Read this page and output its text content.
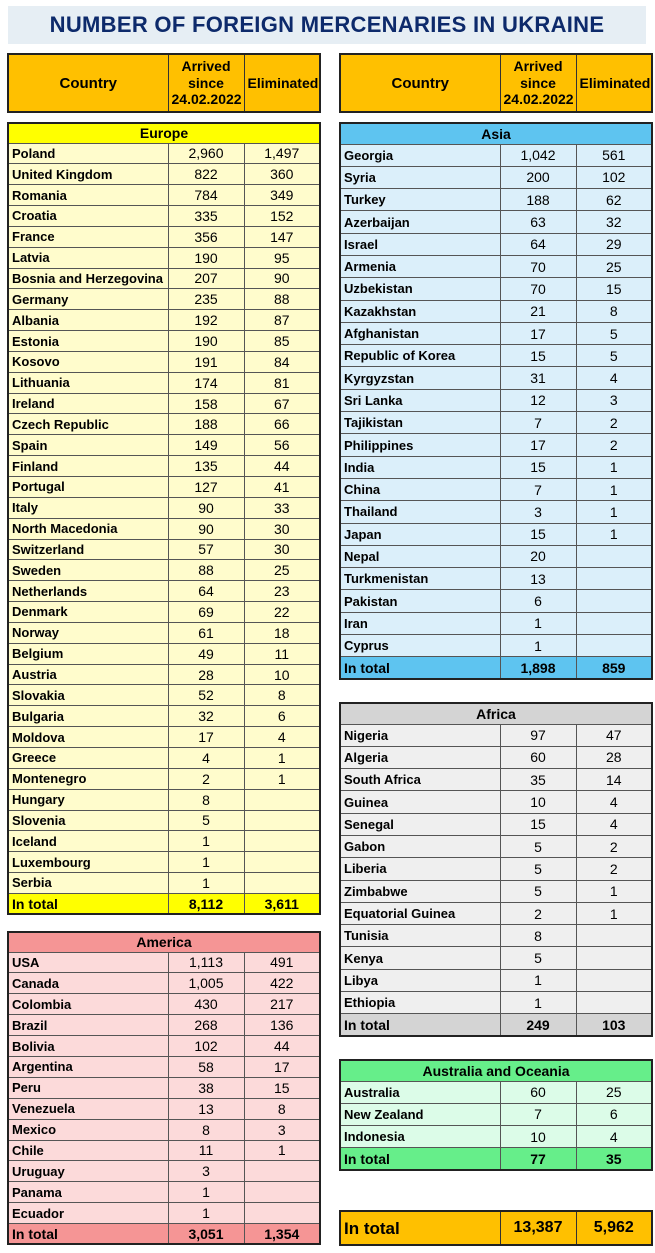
NUMBER OF FOREIGN MERCENARIES IN UKRAINE
Country	Arrived
since
24.02.2022	Eliminated	Country	Arrived
since
24.02.2022	Eliminated
Europe		
Poland	2,960	1,497
United Kingdom	822	360
Romania	784	349
Croatia	335	152
France	356	147
Latvia	190	95
Bosnia and Herzegovina	207	90
Germany	235	88
Albania	192	87
Estonia	190	85
Kosovo	191	84
Lithuania	174	81
Ireland	158	67
Czech Republic	188	66
Spain	149	56
Finland	135	44
Portugal	127	41
Italy	90	33
North Macedonia	90	30
Switzerland	57	30
Sweden	88	25
Netherlands	64	23
Denmark	69	22
Norway	61	18
Belgium	49	11
Austria	28	10
Slovakia	52	8
Bulgaria	32	6
Moldova	17	4
Greece	4	1
Montenegro	2	1
Hungary	8	
Slovenia	5	
Iceland	1	
Luxembourg	1	
Serbia	1	
In total	8,112	3,611
America		
USA	1,113	491
Canada	1,005	422
Colombia	430	217
Brazil	268	136
Bolivia	102	44
Argentina	58	17
Peru	38	15
Venezuela	13	8
Mexico	8	3
Chile	11	1
Uruguay	3	
Panama	1	
Ecuador	1	
In total	3,051	1,354
Asia		
Georgia	1,042	561
Syria	200	102
Turkey	188	62
Azerbaijan	63	32
Israel	64	29
Armenia	70	25
Uzbekistan	70	15
Kazakhstan	21	8
Afghanistan	17	5
Republic of Korea	15	5
Kyrgyzstan	31	4
Sri Lanka	12	3
Tajikistan	7	2
Philippines	17	2
India	15	1
China	7	1
Thailand	3	1
Japan	15	1
Nepal	20	
Turkmenistan	13	
Pakistan	6	
Iran	1	
Cyprus	1	
In total	1,898	859
Africa		
Nigeria	97	47
Algeria	60	28
South Africa	35	14
Guinea	10	4
Senegal	15	4
Gabon	5	2
Liberia	5	2
Zimbabwe	5	1
Equatorial Guinea	2	1
Tunisia	8	
Kenya	5	
Libya	1	
Ethiopia	1	
In total	249	103
Australia and Oceania		
Australia	60	25
New Zealand	7	6
Indonesia	10	4
In total	77	35
In total	13,387	5,962
